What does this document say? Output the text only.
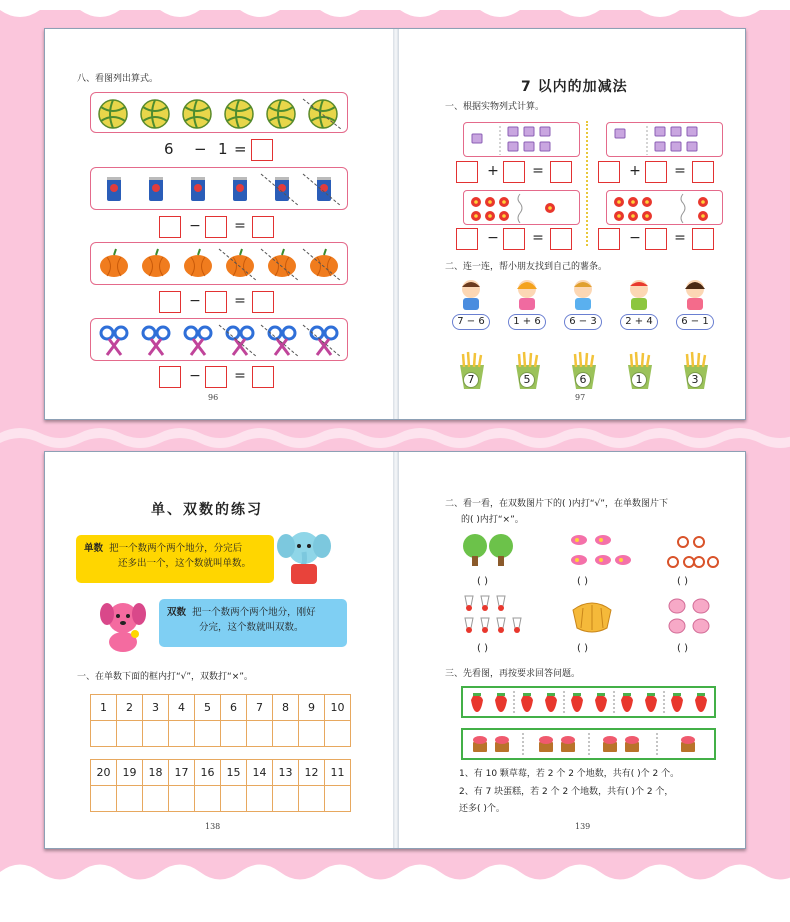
八、看图列出算式。
6 − 1 =
− =
− =
− =
96
7 以内的加减法
一、根据实物列式计算。
+ =	+ =
− =	− =
二、连一连，帮小朋友找到自己的薯条。
7 − 6	1 + 6	6 − 3	2 + 4	6 − 1
7	5	6	1	3
97
单、双数的练习
单数 把一个数两个两个地分，分完后
还多出一个，这个数就叫单数。
双数 把一个数两个两个地分，刚好
分完，这个数就叫双数。
一、在单数下面的框内打“√”，双数打“×”。
1	2	3	4	5	6	7	8	9	10

20	19	18	17	16	15	14	13	12	11

138
二、看一看，在双数图片下的( )内打“√”，在单数图片下
的( )内打“×”。
( )	( )	( )
( )	( )	( )
三、先看图，再按要求回答问题。
1、有 10 颗草莓，若 2 个 2 个地数，共有( )个 2 个。
2、有 7 块蛋糕，若 2 个 2 个地数，共有( )个 2 个，
还多( )个。
139
